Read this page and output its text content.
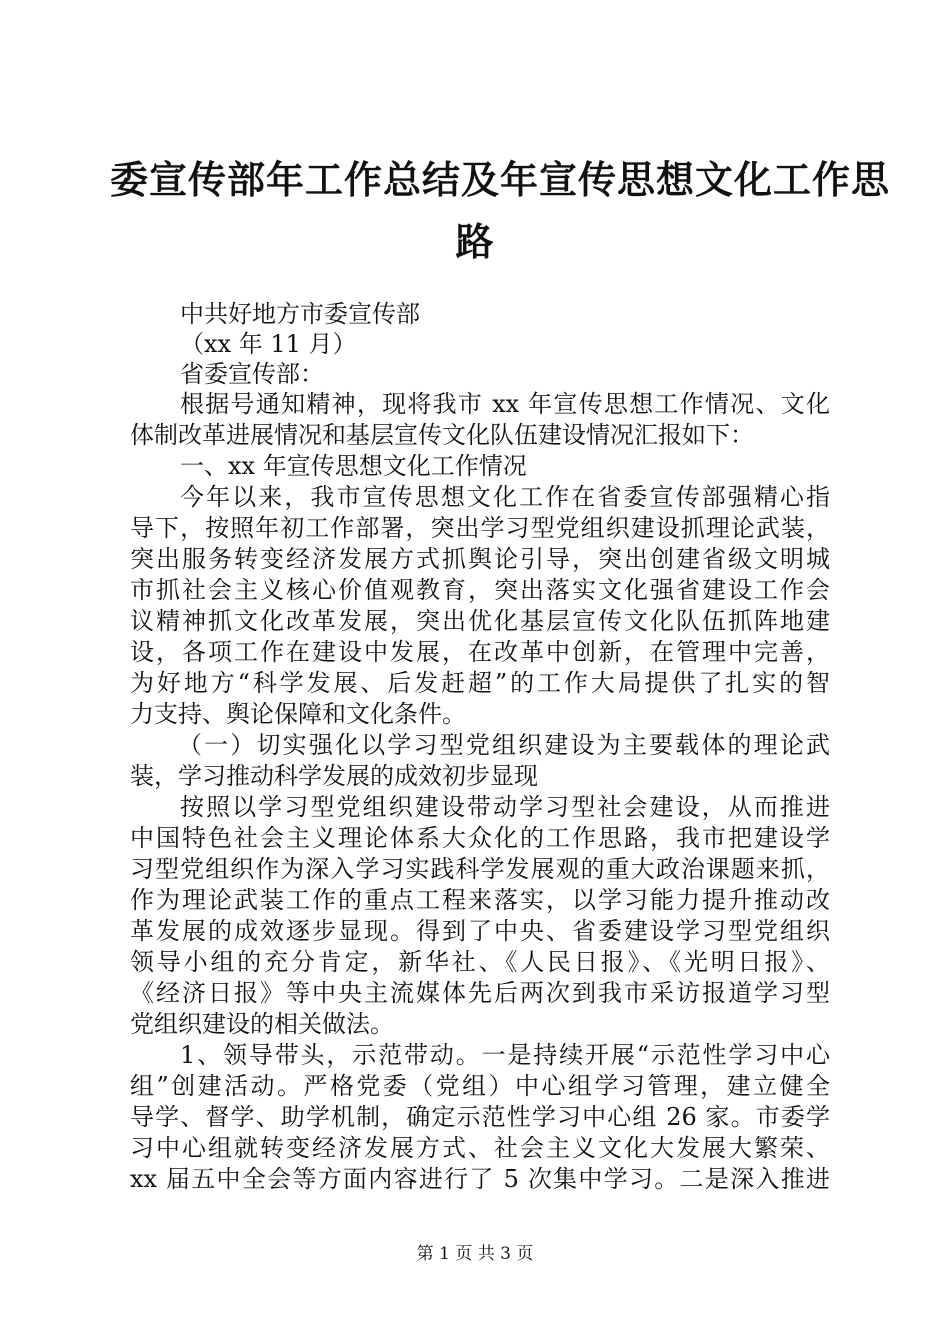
委宣传部年工作总结及年宣传思想文化工作思
路
中共好地方市委宣传部
（xx 年 11 月）
省委宣传部：
根据号通知精神，现将我市 xx 年宣传思想工作情况、文化
体制改革进展情况和基层宣传文化队伍建设情况汇报如下：
一、xx 年宣传思想文化工作情况
今年以来，我市宣传思想文化工作在省委宣传部强精心指
导下，按照年初工作部署，突出学习型党组织建设抓理论武装，
突出服务转变经济发展方式抓舆论引导，突出创建省级文明城
市抓社会主义核心价值观教育，突出落实文化强省建设工作会
议精神抓文化改革发展，突出优化基层宣传文化队伍抓阵地建
设，各项工作在建设中发展，在改革中创新，在管理中完善，
为好地方“科学发展、后发赶超”的工作大局提供了扎实的智
力支持、舆论保障和文化条件。
（一）切实强化以学习型党组织建设为主要载体的理论武
装，学习推动科学发展的成效初步显现
按照以学习型党组织建设带动学习型社会建设，从而推进
中国特色社会主义理论体系大众化的工作思路，我市把建设学
习型党组织作为深入学习实践科学发展观的重大政治课题来抓，
作为理论武装工作的重点工程来落实，以学习能力提升推动改
革发展的成效逐步显现。得到了中央、省委建设学习型党组织
领导小组的充分肯定，新华社、《人民日报》、《光明日报》、
《经济日报》等中央主流媒体先后两次到我市采访报道学习型
党组织建设的相关做法。
1、领导带头，示范带动。一是持续开展“示范性学习中心
组”创建活动。严格党委（党组）中心组学习管理，建立健全
导学、督学、助学机制，确定示范性学习中心组 26 家。市委学
习中心组就转变经济发展方式、社会主义文化大发展大繁荣、
xx 届五中全会等方面内容进行了 5 次集中学习。二是深入推进
第 1 页 共 3 页
